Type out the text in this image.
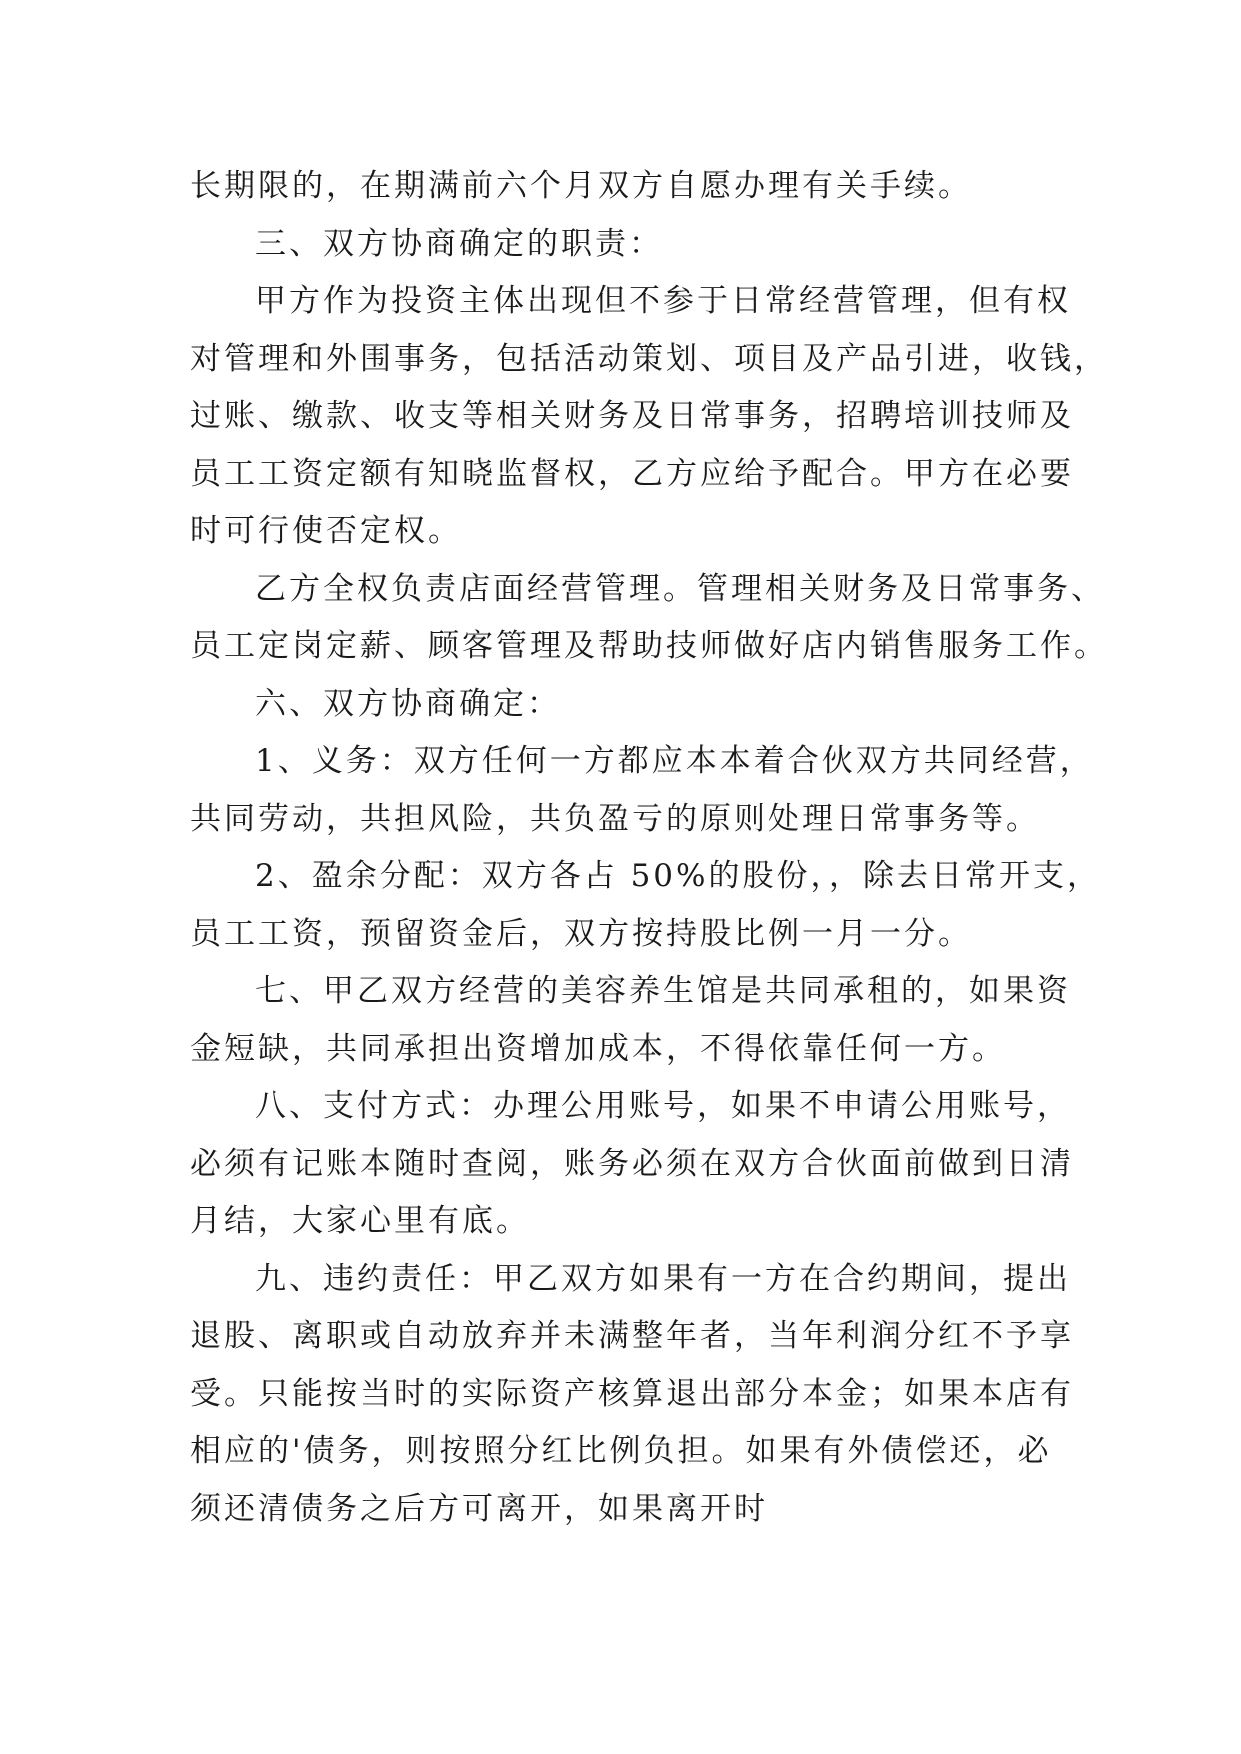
长期限的，在期满前六个月双方自愿办理有关手续。

三、双方协商确定的职责：

甲方作为投资主体出现但不参于日常经营管理，但有权
对管理和外围事务，包括活动策划、项目及产品引进，收钱，
过账、缴款、收支等相关财务及日常事务，招聘培训技师及
员工工资定额有知晓监督权，乙方应给予配合。甲方在必要
时可行使否定权。

乙方全权负责店面经营管理。管理相关财务及日常事务、
员工定岗定薪、顾客管理及帮助技师做好店内销售服务工作。

六、双方协商确定：

1、义务：双方任何一方都应本本着合伙双方共同经营，
共同劳动，共担风险，共负盈亏的原则处理日常事务等。

2、盈余分配：双方各占 50%的股份，，除去日常开支，
员工工资，预留资金后，双方按持股比例一月一分。

七、甲乙双方经营的美容养生馆是共同承租的，如果资
金短缺，共同承担出资增加成本，不得依靠任何一方。

八、支付方式：办理公用账号，如果不申请公用账号，
必须有记账本随时查阅，账务必须在双方合伙面前做到日清
月结，大家心里有底。

九、违约责任：甲乙双方如果有一方在合约期间，提出
退股、离职或自动放弃并未满整年者，当年利润分红不予享
受。只能按当时的实际资产核算退出部分本金；如果本店有
相应的'债务，则按照分红比例负担。如果有外债偿还，必
须还清债务之后方可离开，如果离开时
